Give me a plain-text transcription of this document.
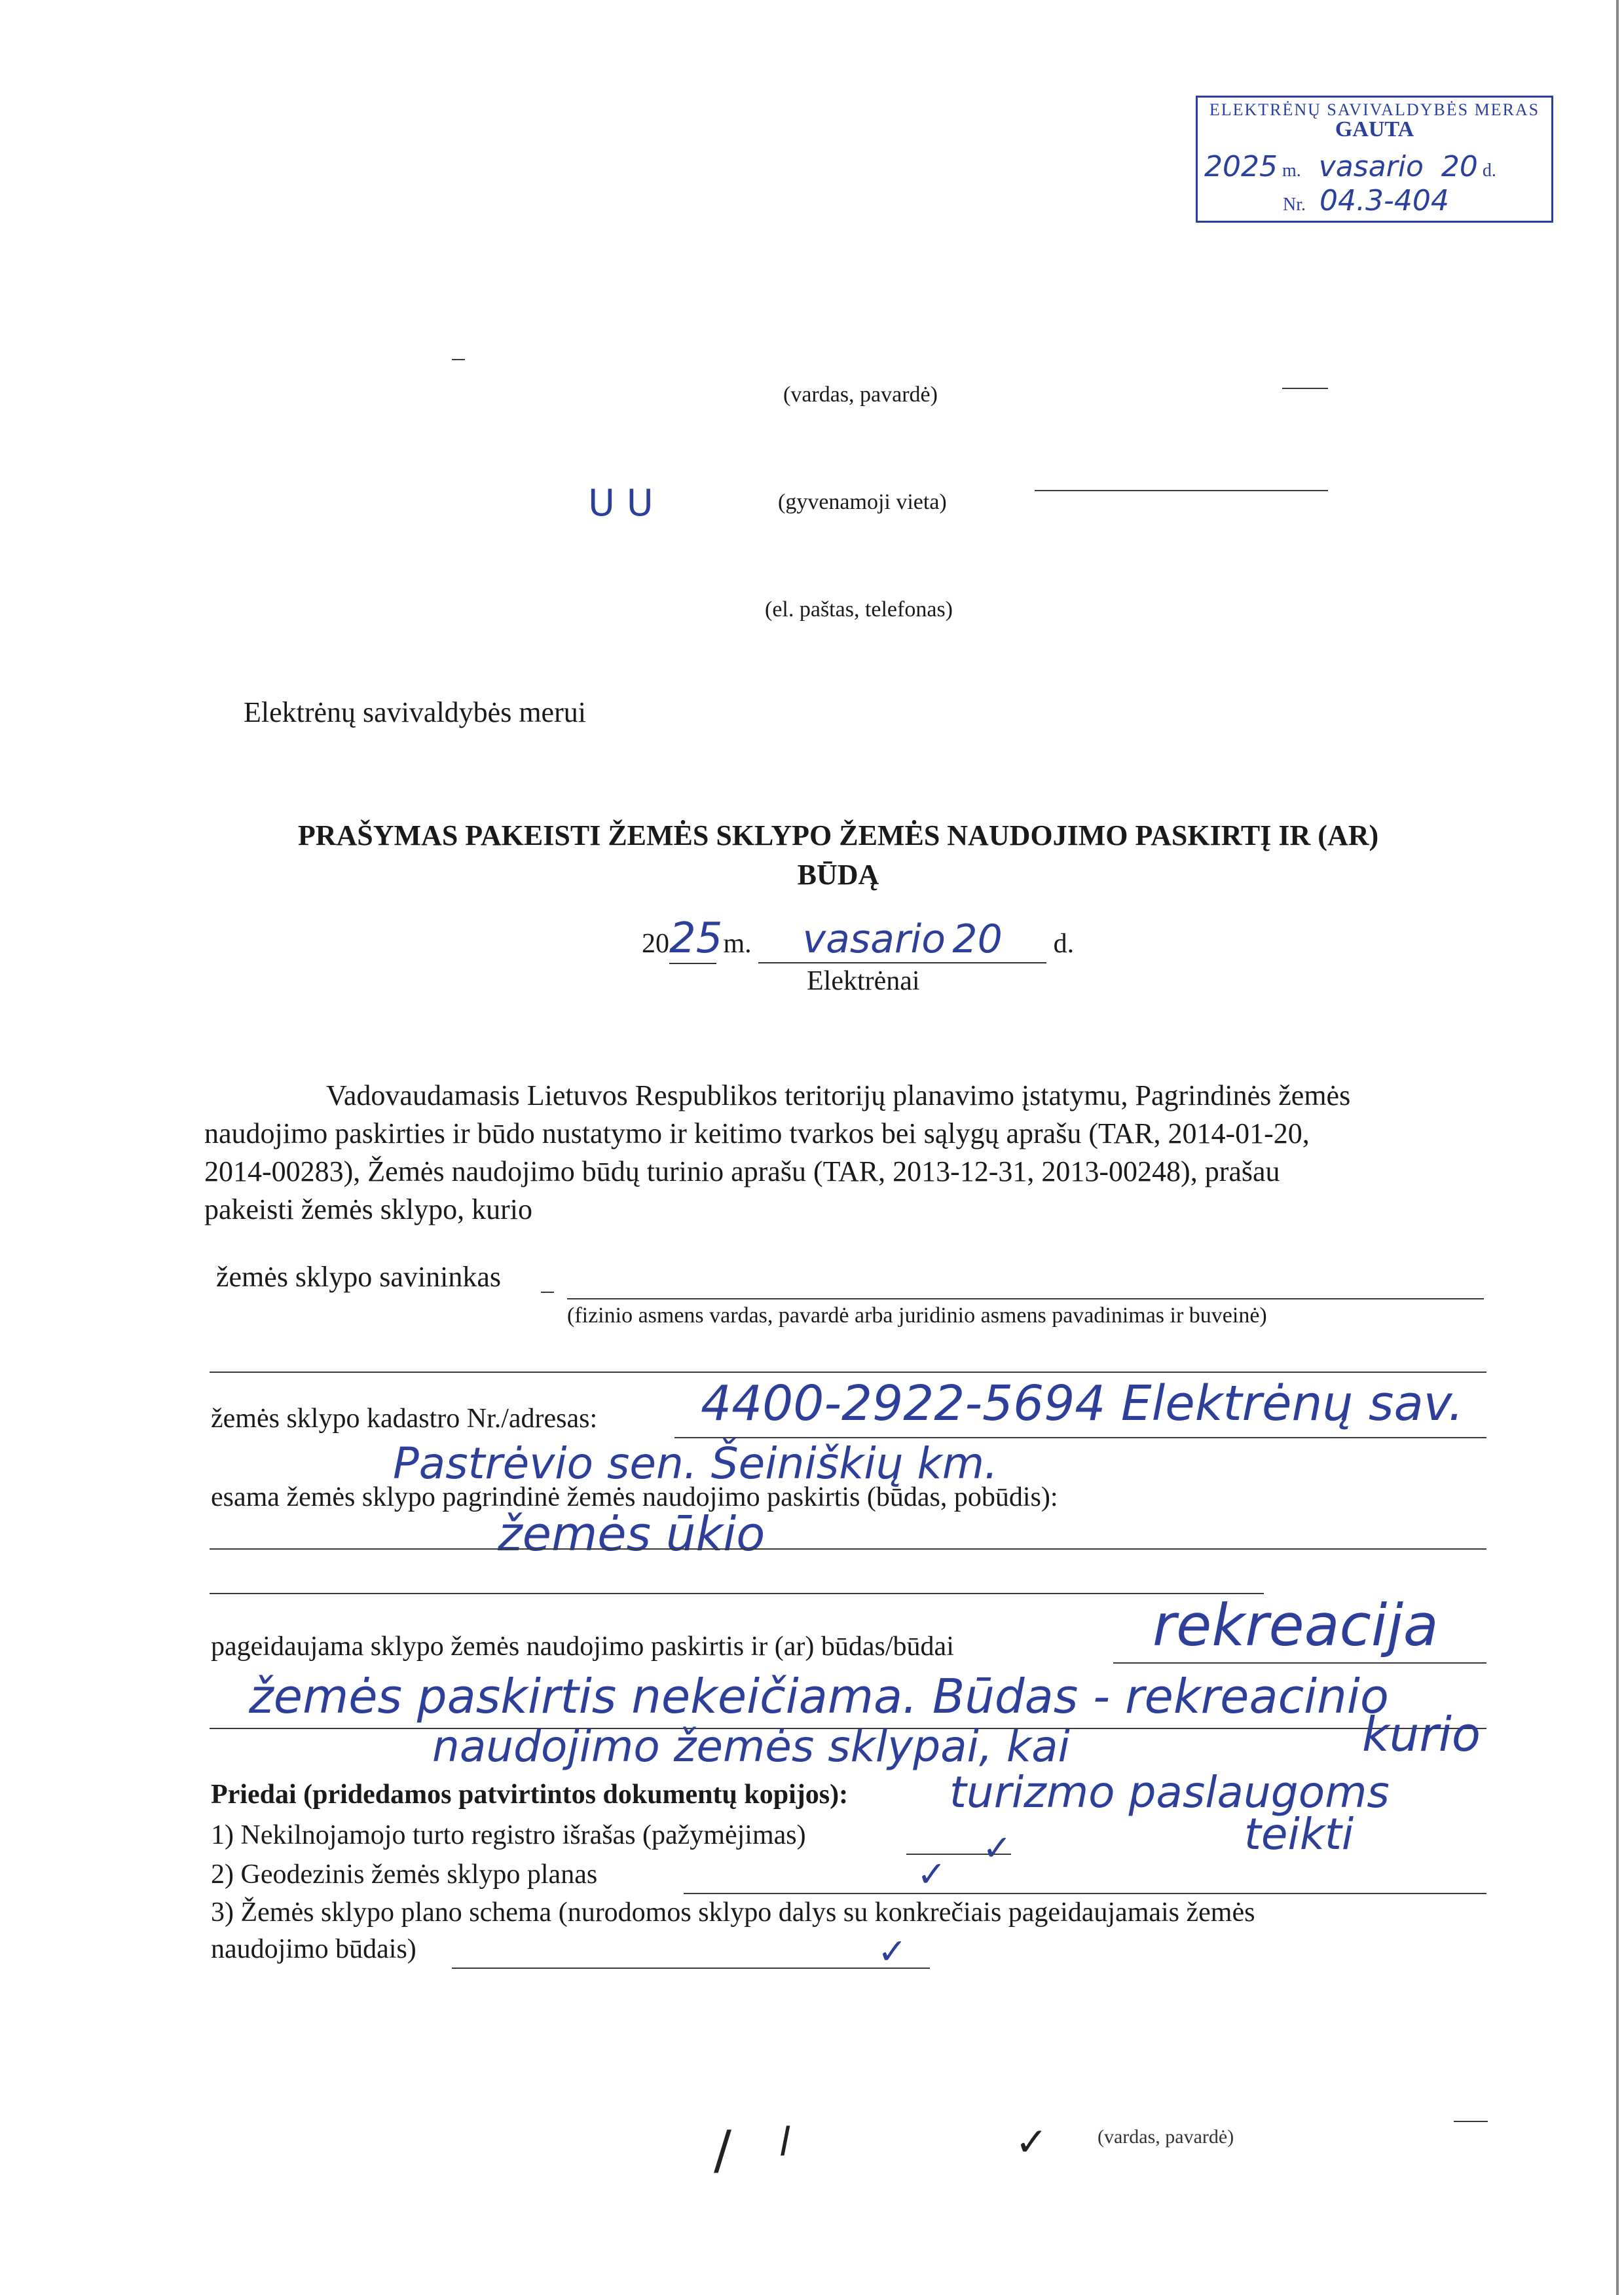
ELEKTRĖNŲ SAVIVALDYBĖS MERAS
GAUTA
2025 m. vasario 20 d.
Nr. 04.3-404
(vardas, pavardė)
U U	(gyvenamoji vieta)
(el. paštas, telefonas)
Elektrėnų savivaldybės merui
PRAŠYMAS PAKEISTI ŽEMĖS SKLYPO ŽEMĖS NAUDOJIMO PASKIRTĮ IR (AR)
BŪDĄ
2025 m. vasario 20 d.
Elektrėnai
Vadovaudamasis Lietuvos Respublikos teritorijų planavimo įstatymu, Pagrindinės žemės
naudojimo paskirties ir būdo nustatymo ir keitimo tvarkos bei sąlygų aprašu (TAR, 2014-01-20,
2014-00283), Žemės naudojimo būdų turinio aprašu (TAR, 2013-12-31, 2013-00248), prašau
pakeisti žemės sklypo, kurio
žemės sklypo savininkas
(fizinio asmens vardas, pavardė arba juridinio asmens pavadinimas ir buveinė)
žemės sklypo kadastro Nr./adresas: 4400-2922-5694 Elektrėnų sav.
Pastrėvio sen. Šeiniškių km.
esama žemės sklypo pagrindinė žemės naudojimo paskirtis (būdas, pobūdis):
žemės ūkio
pageidaujama sklypo žemės naudojimo paskirtis ir (ar) būdas/būdai	rekreacija
žemės paskirtis nekeičiama. Būdas - rekreacinio
naudojimo žemės sklypai, kai	kurio
Priedai (pridedamos patvirtintos dokumentų kopijos): turizmo paslaugoms
teikti
1) Nekilnojamojo turto registro išrašas (pažymėjimas)	✓
2) Geodezinis žemės sklypo planas	✓
3) Žemės sklypo plano schema (nurodomos sklypo dalys su konkrečiais pageidaujamais žemės
naudojimo būdais)	✓
/ l	✓	(vardas, pavardė)
